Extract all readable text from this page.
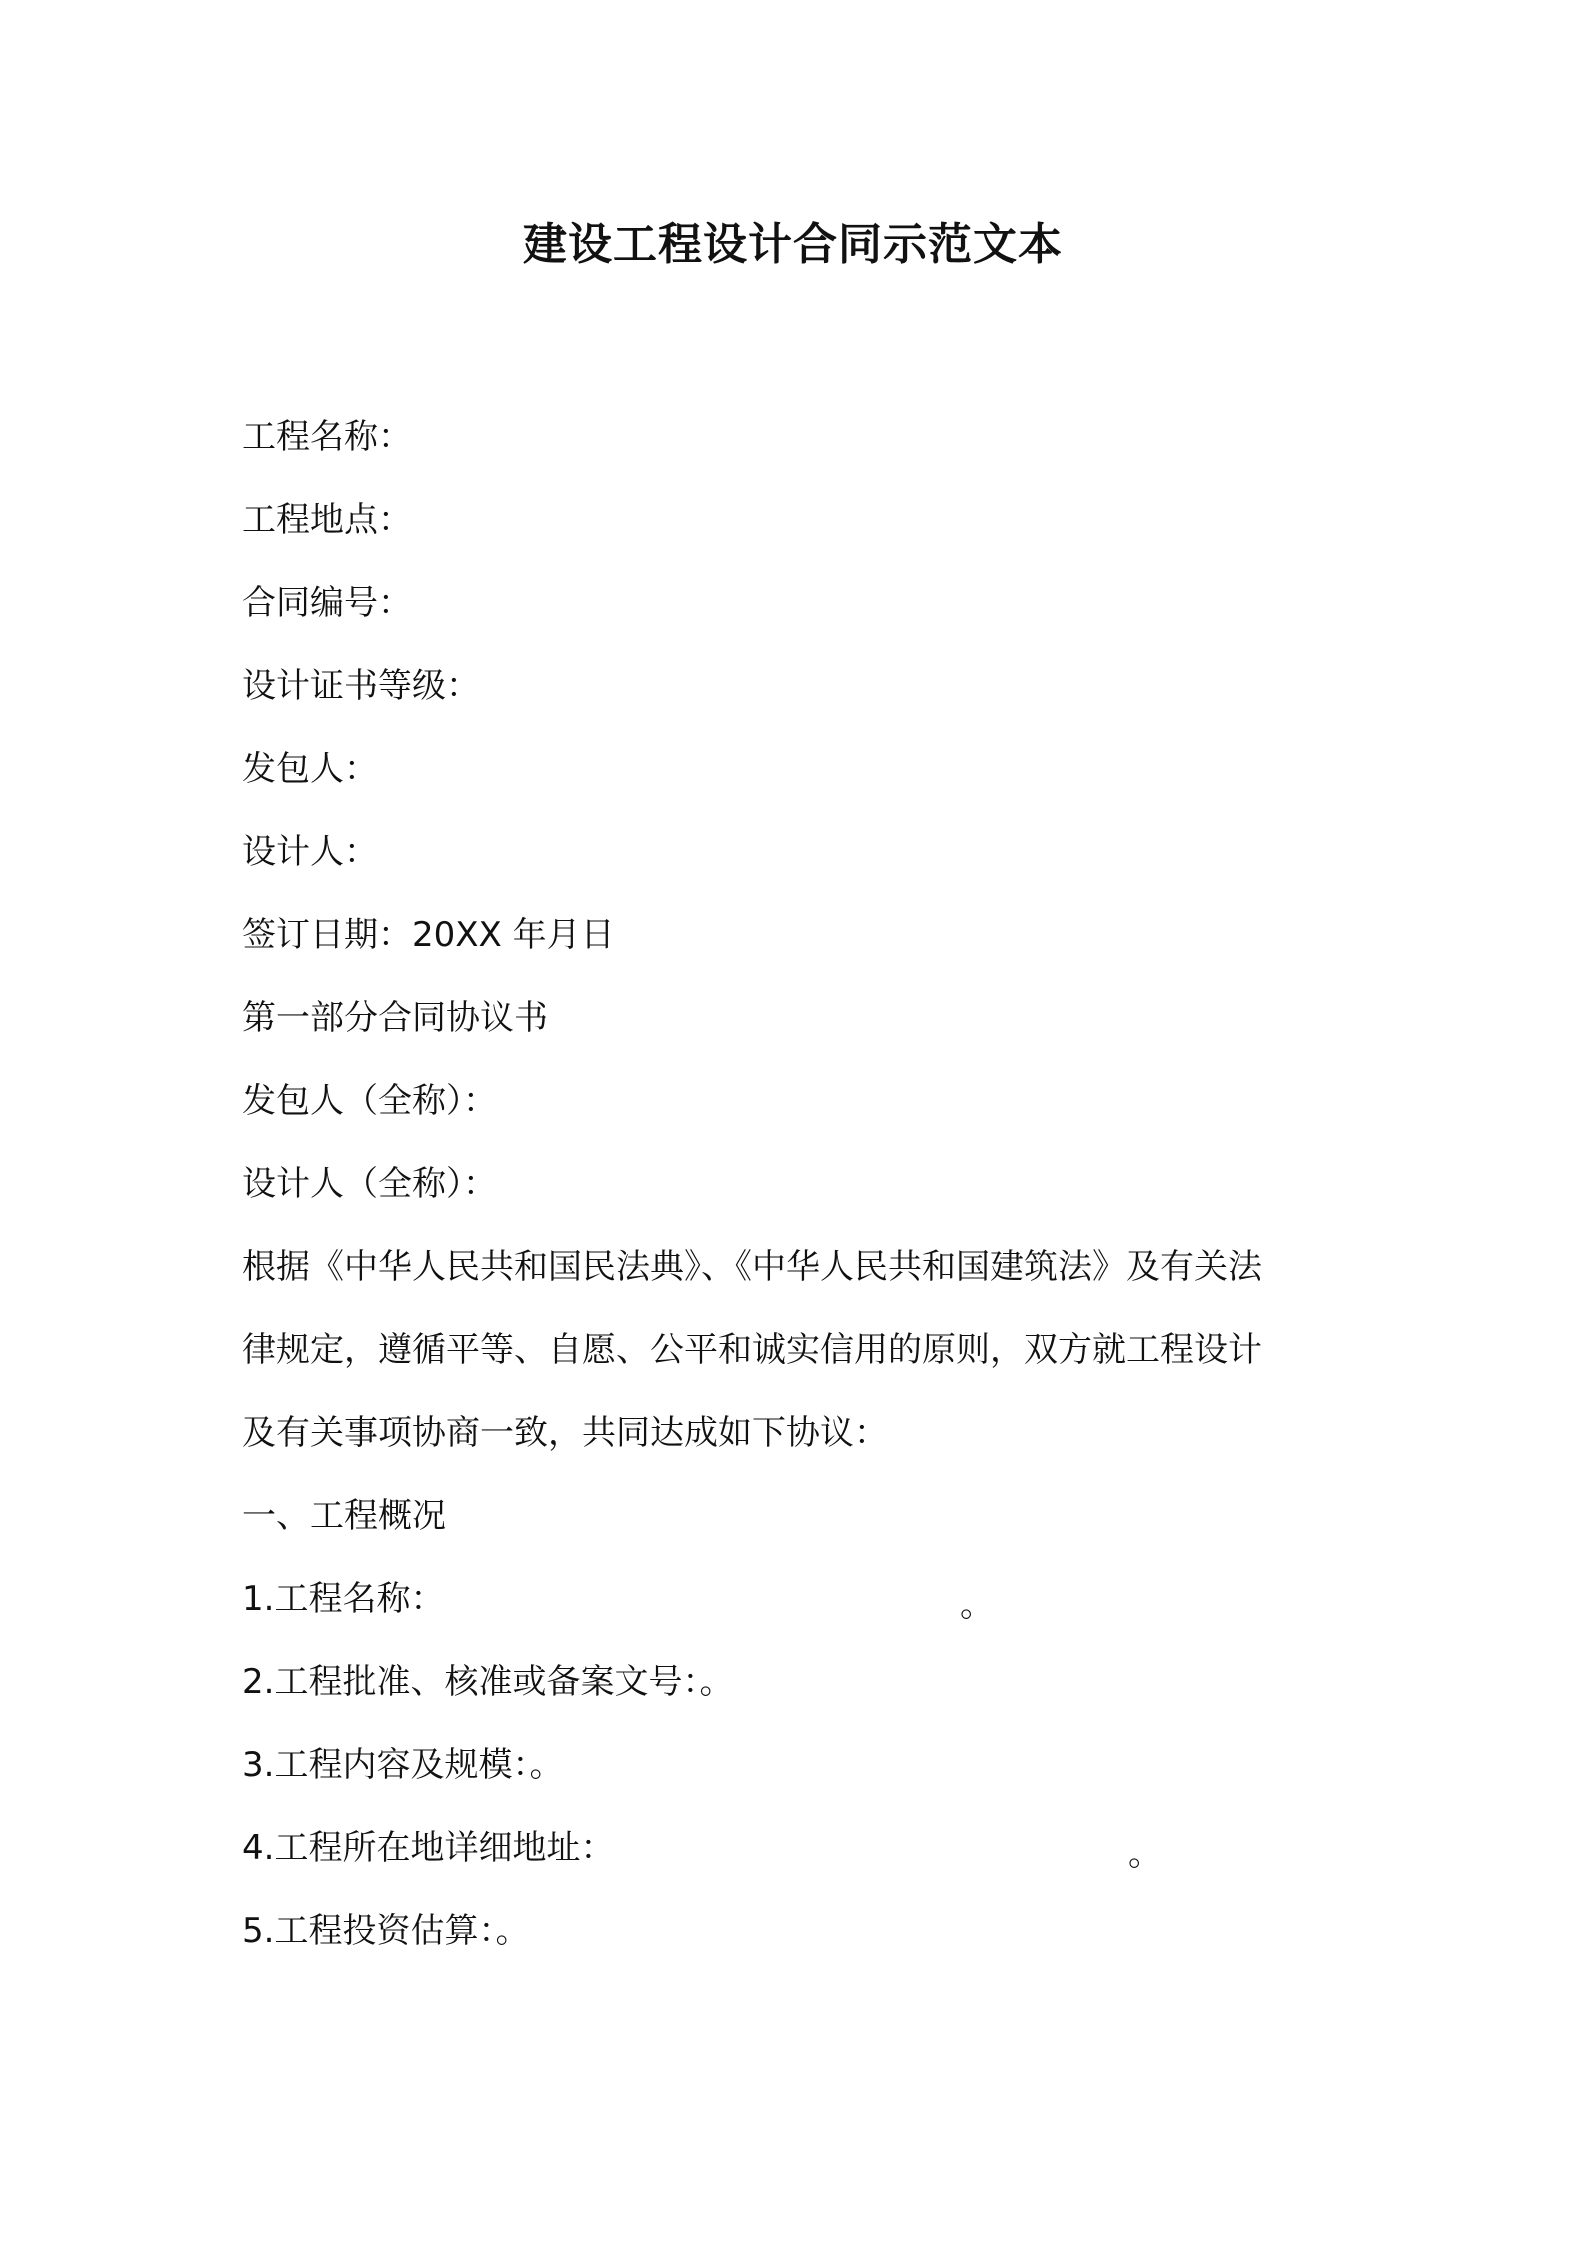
建设工程设计合同示范文本
工程名称：
工程地点：
合同编号：
设计证书等级：
发包人：
设计人：
签订日期：20XX 年月日
第一部分合同协议书
发包人（全称）：
设计人（全称）：
根据《中华人民共和国民法典》、《中华人民共和国建筑法》及有关法
律规定，遵循平等、自愿、公平和诚实信用的原则，双方就工程设计
及有关事项协商一致，共同达成如下协议：
一、工程概况
1.工程名称：	。
2.工程批准、核准或备案文号：。
3.工程内容及规模：。
4.工程所在地详细地址：	。
5.工程投资估算：。
